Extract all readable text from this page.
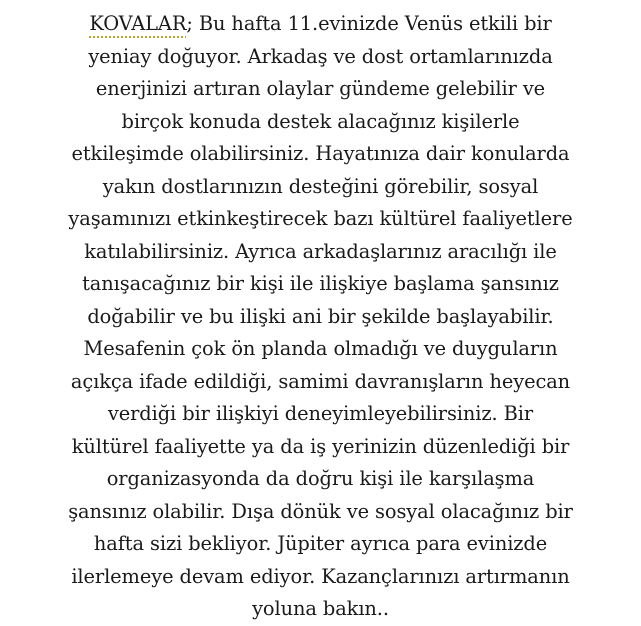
KOVALAR; Bu hafta 11.evinizde Venüs etkili bir
yeniay doğuyor. Arkadaş ve dost ortamlarınızda
enerjinizi artıran olaylar gündeme gelebilir ve
birçok konuda destek alacağınız kişilerle
etkileşimde olabilirsiniz. Hayatınıza dair konularda
yakın dostlarınızın desteğini görebilir, sosyal
yaşamınızı etkinkeştirecek bazı kültürel faaliyetlere
katılabilirsiniz. Ayrıca arkadaşlarınız aracılığı ile
tanışacağınız bir kişi ile ilişkiye başlama şansınız
doğabilir ve bu ilişki ani bir şekilde başlayabilir.
Mesafenin çok ön planda olmadığı ve duyguların
açıkça ifade edildiği, samimi davranışların heyecan
verdiği bir ilişkiyi deneyimleyebilirsiniz. Bir
kültürel faaliyette ya da iş yerinizin düzenlediği bir
organizasyonda da doğru kişi ile karşılaşma
şansınız olabilir. Dışa dönük ve sosyal olacağınız bir
hafta sizi bekliyor. Jüpiter ayrıca para evinizde
ilerlemeye devam ediyor. Kazançlarınızı artırmanın
yoluna bakın..
